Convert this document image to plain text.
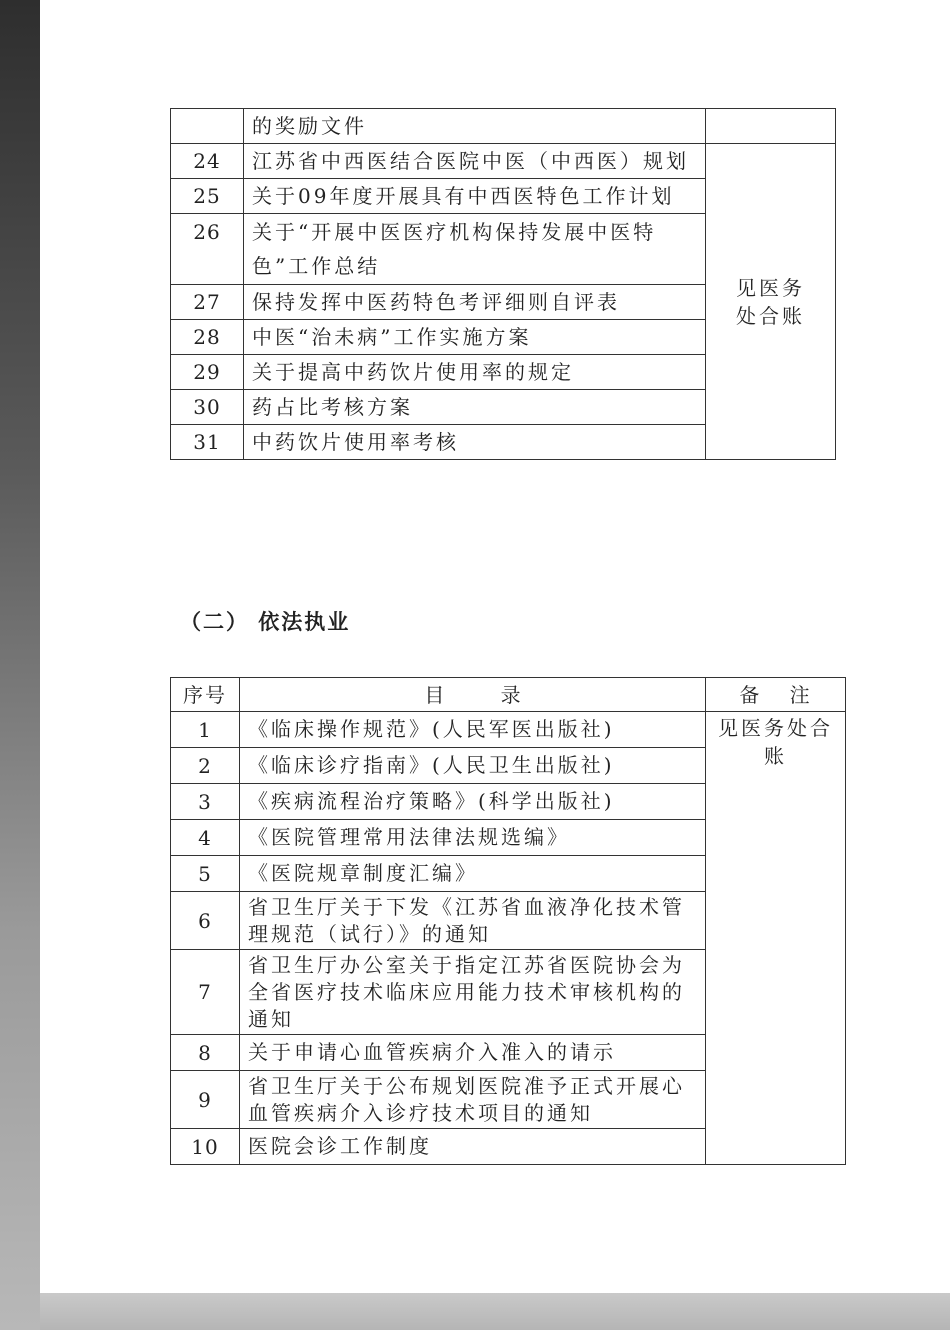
	的奖励文件	
24	江苏省中西医结合医院中医（中西医）规划	见医务处合账
25	关于09年度开展具有中西医特色工作计划	
26	关于“开展中医医疗机构保持发展中医特色”工作总结	
27	保持发挥中医药特色考评细则自评表	
28	中医“治未病”工作实施方案	
29	关于提高中药饮片使用率的规定	
30	药占比考核方案	
31	中药饮片使用率考核	
（二） 依法执业
序号	目 录	备 注
1	《临床操作规范》(人民军医出版社)	见医务处合账
2	《临床诊疗指南》(人民卫生出版社)	
3	《疾病流程治疗策略》(科学出版社)	
4	《医院管理常用法律法规选编》	
5	《医院规章制度汇编》	
6	省卫生厅关于下发《江苏省血液净化技术管理规范（试行）》的通知	
7	省卫生厅办公室关于指定江苏省医院协会为全省医疗技术临床应用能力技术审核机构的通知	
8	关于申请心血管疾病介入准入的请示	
9	省卫生厅关于公布规划医院准予正式开展心血管疾病介入诊疗技术项目的通知	
10	医院会诊工作制度	
